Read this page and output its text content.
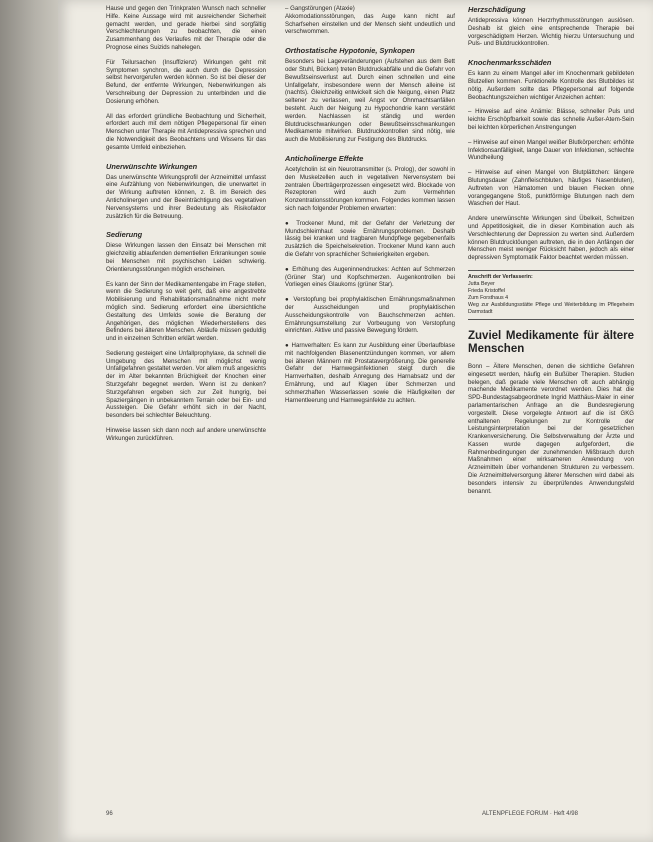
Hause und gegen den Trinkpraten Wunsch nach schneller Hilfe. Keine Aussage wird mit ausreichender Sicherheit gemacht werden, und gerade hierbei sind sorgfältig Verschlechterungen zu beobachten, die einen Zusammenhang des Verlaufes mit der Therapie oder die Prognose eines Suizids nahelegen.

Für Teilursachen (Insuffizienz) Wirkungen geht mit Symptomen synchron, die auch durch die Depression selbst hervorgerufen werden können. So ist bei dieser der Befund, der entfernte Wirkungen, Nebenwirkungen als Verschreibung der Depression zu unterbinden und die Dosierung erhöhen.

All das erfordert gründliche Beobachtung und Sicherheit, erfordert auch mit dem nötigen Pflegepersonal für einen Menschen unter Therapie mit Antidepressiva sprechen und die Notwendigkeit des Beobachtens und Wissens für das gesamte Umfeld einbeziehen.

Unerwünschte Wirkungen

Das unerwünschte Wirkungsprofil der Arzneimittel umfasst eine Aufzählung von Nebenwirkungen, die unerwartet in der Wirkung auftreten können, z. B. im Bereich des Anticholinergen und der Beeinträchtigung des vegetativen Nervensystems und ihrer Bedeutung als Risikofaktor zusätzlich für die Betreuung.

Sedierung

Diese Wirkungen lassen den Einsatz bei Menschen mit gleichzeitig ablaufenden dementiellen Erkrankungen sowie bei Menschen mit psychischen Leiden schwierig. Orientierungsstörungen möglich erscheinen.

Es kann der Sinn der Medikamentengabe im Frage stellen, wenn die Sedierung so weit geht, daß eine angestrebte Mobilisierung und Rehabilitationsmaßnahme nicht mehr möglich sind. Sedierung erfordert eine übersichtliche Gestaltung des Umfelds sowie die Beratung der Angehörigen, des möglichen Wiederherstellens des Befindens bei älteren Menschen. Abläufe müssen geduldig und in einzelnen Schritten erklärt werden.

Sedierung gesteigert eine Unfallprophylaxe, da schnell die Umgebung des Menschen mit möglichst wenig Unfallgefahren gestaltet werden. Vor allem muß angesichts der im Alter bekannten Brüchigkeit der Knochen einer Sturzgefahr begegnet werden. Wenn ist zu denken? Sturzgefahren ergeben sich zur Zeit hungrig, bei Spaziergängen in unbekanntem Terrain oder bei Ein- und Aussteigen. Die Gefahr erhöht sich in der Nacht, besonders bei schlechter Beleuchtung.

Hinweise lassen sich dann noch auf andere unerwünschte Wirkungen zurückführen.

– Gangstörungen (Ataxie)
Akkomodationsstörungen, das Auge kann nicht auf Scharfsehen einstellen und der Mensch sieht undeutlich und verschwommen.

Orthostatische Hypotonie, Synkopen

Besonders bei Lageveränderungen (Aufstehen aus dem Bett oder Stuhl, Bücken) treten Blutdruckabfälle und die Gefahr von Bewußtseinsverlust auf. Durch einen schnellen und eine Unfallgefahr, insbesondere wenn der Mensch alleine ist (nachts). Gleichzeitig entwickelt sich die Neigung, einen Platz seltener zu verlassen, weil Angst vor Ohnmachtsanfällen besteht. Auch der Neigung zu Hypochondrie kann verstärkt werden. Nachlassen ist ständig und werden Blutdruckschwankungen oder Bewußtseinsschwankungen Medikamente mitwirken. Blutdruckkontrollen sind nötig, wie auch die Mobilisierung zur Festigung des Blutdrucks.

Anticholinerge Effekte

Acetylcholin ist ein Neurotransmitter (s. Prolog), der sowohl in den Muskelzellen auch in vegetativen Nervensystem bei zentralen Überträgerprozessen eingesetzt wird. Blockade von Rezeptoren wird auch zum Vermehrten Konzentrationsstörungen kommen. Folgendes kommen lassen sich nach folgender Problemen erwarten:

● Trockener Mund, mit der Gefahr der Verletzung der Mundschleimhaut sowie Ernährungsproblemen. Deshalb lässig bei kranken und tragbaren Mundpflege gegebenenfalls zusätzlich die Speichelsekretion. Trockener Mund kann auch die Gefahr von sprachlicher Schwierigkeiten ergeben.

● Erhöhung des Augeninnendruckes: Achten auf Schmerzen (Grüner Star) und Kopfschmerzen. Augenkontrollen bei Vorliegen eines Glaukoms (grüner Star).

● Verstopfung bei prophylaktischen Ernährungsmaßnahmen der Ausscheidungen und prophylaktischen Ausscheidungskontrolle von Bauchschmerzen achten. Ernährungsumstellung zur Vorbeugung von Verstopfung einrichten. Aktive und passive Bewegung fördern.

● Harnverhalten: Es kann zur Ausbildung einer Überlaufblase mit nachfolgenden Blasenentzündungen kommen, vor allem bei älteren Männern mit Prostatavergrößerung. Die generelle Gefahr der Harnwegsinfektionen steigt durch die Harnverhalten, deshalb Anregung des Harnabsatz und der Ernährung, und auf Klagen über Schmerzen und schmerzhaften Wasserlassen sowie die Häufigkeiten der Harnentleerung und Harnwegsinfekte zu achten.

Herzschädigung

Antidepressiva können Herzrhythmusstörungen auslösen. Deshalb ist gleich eine entsprechende Therapie bei vorgeschädigtem Herzen. Wichtig hierzu Untersuchung und Puls- und Blutdruckkontrollen.

Knochenmarksschäden

Es kann zu einem Mangel aller im Knochenmark gebildeten Blutzellen kommen. Funktionelle Kontrolle des Blutbildes ist nötig. Außerdem sollte das Pflegepersonal auf folgende Beobachtungszeichen wichtiger Anzeichen achten:

– Hinweise auf eine Anämie: Blässe, schneller Puls und leichte Erschöpfbarkeit sowie das schnelle Außer-Atem-Sein bei leichten körperlichen Anstrengungen

– Hinweise auf einen Mangel weißer Blutkörperchen: erhöhte Infektionsanfälligkeit, lange Dauer von Infektionen, schlechte Wundheilung

– Hinweise auf einen Mangel von Blutplättchen: längere Blutungsdauer (Zahnfleischbluten, häufiges Nasenbluten), Auftreten von Hämatomen und blauen Flecken ohne vorangegangene Stoß, punktförmige Blutungen nach dem Waschen der Haut.

Andere unerwünschte Wirkungen sind Übelkeit, Schwitzen und Appetitlosigkeit, die in dieser Kombination auch als Verschlechterung der Depression zu werten sind. Außerdem können Blutdrucktöungen auftreten, die in den Anfängen der Menschen meist weniger Rücksicht haben, jedoch als einer depressiven Symptomatik Faktor beachtet werden müssen.

Anschrift der Verfasserin:
Jutta Beyer
Frieda Kristoffel
Zum Forsthaus 4
Weg zur Ausbildungsstätte Pflege und Weiterbildung im Pflegeheim Darmstadt
Zuviel Medikamente für ältere Menschen

Bonn – Ältere Menschen, denen die sichtliche Gefahren eingesetzt werden, häufig ein Bußüber Therapien. Studien belegen, daß gerade viele Menschen oft auch abhängig machende Medikamente verordnet werden. Dies hat die SPD-Bundestagsabgeordnete Ingrid Matthäus-Maier in einer parlamentarischen Anfrage an die Bundesregierung vorgestellt. Diese vorgelegte Antwort auf die ist GKG enthaltenen Regelungen zur Kontrolle der Leistungsinterpretation bei der gesetzlichen Krankenversicherung. Die Selbstverwaltung der Ärzte und Kassen wurde dagegen aufgefordert, die Rahmenbedingungen der zunehmenden Mißbrauch durch Maßnahmen einer wirksameren Anwendung von Arzneimitteln über vorhandenen Strukturen zu verbessern. Die Arzneimittelversorgung älterer Menschen wird dabei als besonders intensiv zu überprüfendes Anwendungsfeld benannt.

96	ALTENPFLEGE FORUM · Heft 4/98
